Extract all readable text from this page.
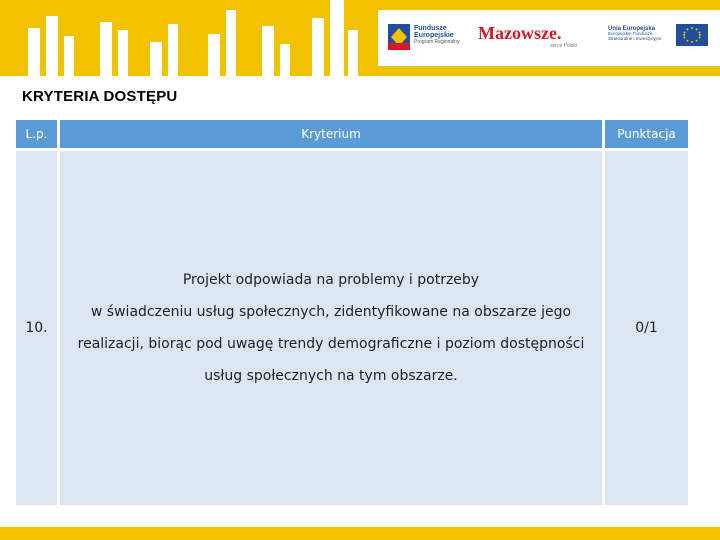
Fundusze
Europejskie
Program Regionalny Mazowsze.
serce Polski
Unia Europejska
Europejskie Fundusze
Strukturalne i Inwestycyjne
KRYTERIA DOSTĘPU
L.p.	Kryterium	Punktacja
10.
Projekt odpowiada na problemy i potrzeby
w świadczeniu usług społecznych, zidentyfikowane na obszarze jego
realizacji, biorąc pod uwagę trendy demograficzne i poziom dostępności
usług społecznych na tym obszarze.
0/1
